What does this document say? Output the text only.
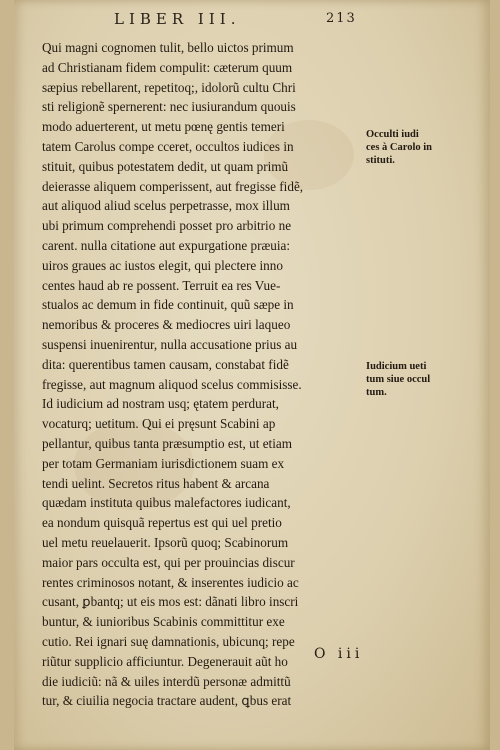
LIBER III.	213
Qui magni cognomen tulit, bello uictos primum
ad Christianam fidem compulit: cæterum quum
sæpius rebellarent, repetitoq;, idolorũ cultu Chri
sti religionẽ spernerent: nec iusiurandum quouis
modo aduerterent, ut metu pœnę gentis temeri
tatem Carolus compe cceret, occultos iudices in
stituit, quibus potestatem dedit, ut quam primũ
deierasse aliquem comperissent, aut fregisse fidẽ,
aut aliquod aliud scelus perpetrasse, mox illum
ubi primum comprehendi posset pro arbitrio ne
carent. nulla citatione aut expurgatione præuia:
uiros graues ac iustos elegit, qui plectere inno
centes haud ab re possent. Terruit ea res Vue-
stualos ac demum in fide continuit, quũ sæpe in
nemoribus & proceres & mediocres uiri laqueo
suspensi inuenirentur, nulla accusatione prius au
dita: querentibus tamen causam, constabat fidẽ
fregisse, aut magnum aliquod scelus commisisse.
Id iudicium ad nostram usq; ętatem perdurat,
vocaturq; uetitum. Qui ei pręsunt Scabini ap
pellantur, quibus tanta præsumptio est, ut etiam
per totam Germaniam iurisdictionem suam ex
tendi uelint. Secretos ritus habent & arcana
quædam instituta quibus malefactores iudicant,
ea nondum quisquã repertus est qui uel pretio
uel metu reuelauerit. Ipsorũ quoq; Scabinorum
maior pars occulta est, qui per prouincias discur
rentes criminosos notant, & inserentes iudicio ac
cusant, ꝑbantq; ut eis mos est: dãnati libro inscri
buntur, & iunioribus Scabinis committitur exe
cutio. Rei ignari suę damnationis, ubicunq; repe
riũtur supplicio afficiuntur. Degenerauit aũt ho
die iudiciũ: nã & uiles interdũ personæ admittũ
tur, & ciuilia negocia tractare audent, ꝗbus erat
Occulti iudi
ces à Carolo in
stituti.
Iudicium ueti
tum siue occul
tum.
O iii
